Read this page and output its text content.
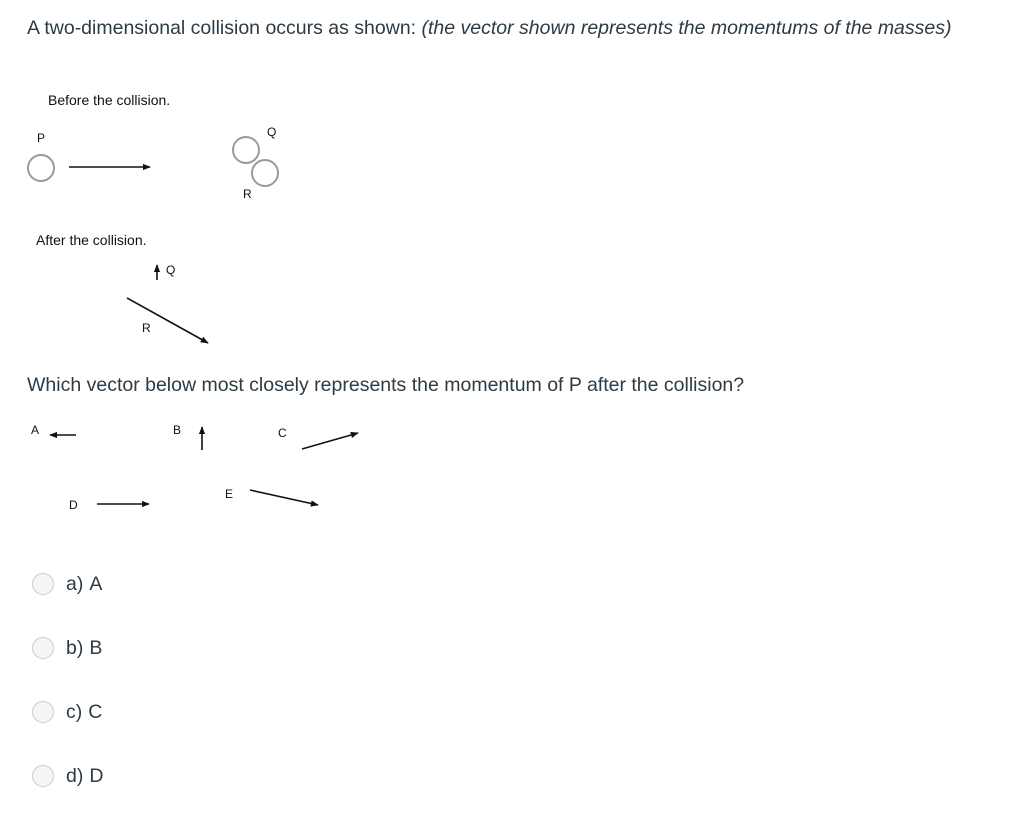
A two-dimensional collision occurs as shown: (the vector shown represents the momentums of the masses)
Before the collision.
P	Q
R
After the collision.
Q
R
A	B	C
D
E
Which vector below most closely represents the momentum of P after the collision?
a) A
b) B
c) C
d) D
